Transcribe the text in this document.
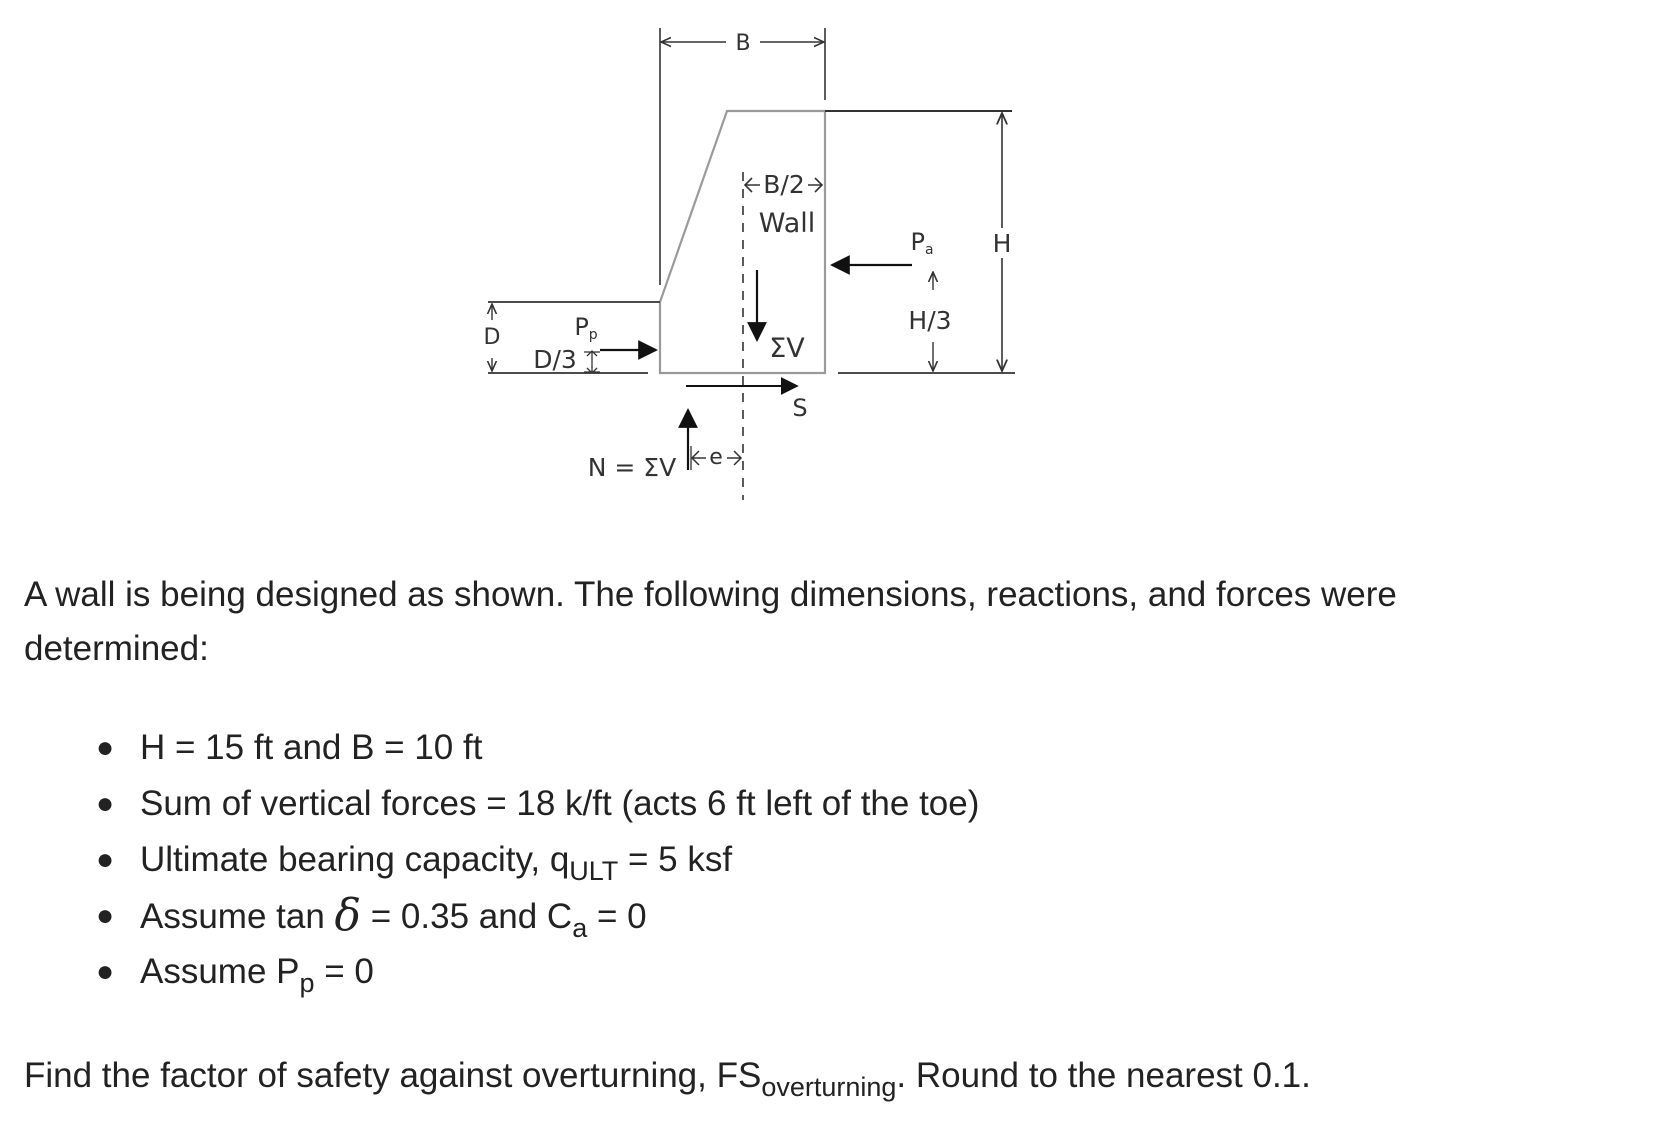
B
B/2
Wall
ΣV
Pa
H/3
H
D	Pp
D/3
S
N = ΣV e

A wall is being designed as shown. The following dimensions, reactions, and forces were determined:

● H = 15 ft and B = 10 ft
● Sum of vertical forces = 18 k/ft (acts 6 ft left of the toe)
● Ultimate bearing capacity, $q_{ULT} = 5$ ksf
● Assume tan δ = 0.35 and $C_a = 0$
● Assume $P_p = 0$

Find the factor of safety against overturning, $FS_{overturning}$. Round to the nearest 0.1.
